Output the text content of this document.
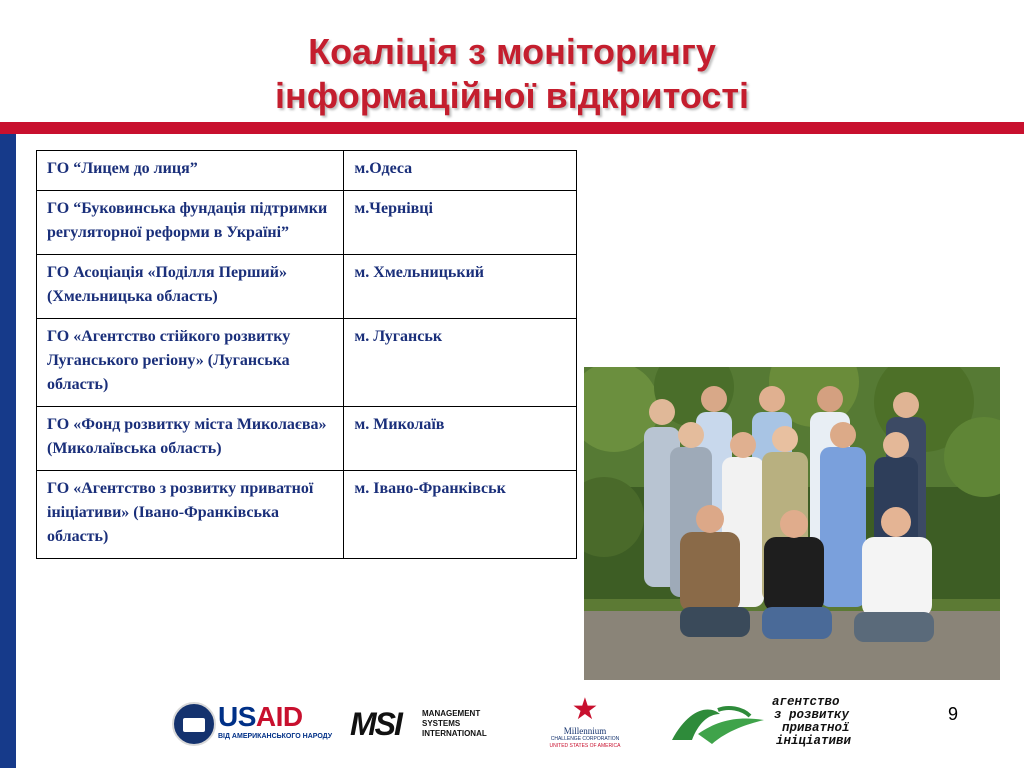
Коаліція з моніторингу
інформаційної відкритості
ГО “Лицем до лиця”	м.Одеса
ГО “Буковинська фундація підтримки регуляторної реформи в Україні”	м.Чернівці
ГО Асоціація «Поділля Перший» (Хмельницька область)	м. Хмельницький
ГО «Агентство стійкого розвитку Луганського регіону» (Луганська область)	м. Луганськ
ГО «Фонд розвитку міста Миколаєва» (Миколаївська область)	м. Миколаїв
ГО «Агентство з розвитку приватної ініціативи» (Івано-Франківська область)	м. Івано-Франківськ
9
USAID
ВІД АМЕРИКАНСЬКОГО НАРОДУ MSI	MANAGEMENT
SYSTEMS
INTERNATIONAL
★
Millennium
CHALLENGE CORPORATION
UNITED STATES OF AMERICA
агентство
з розвитку
приватної
ініціативи
